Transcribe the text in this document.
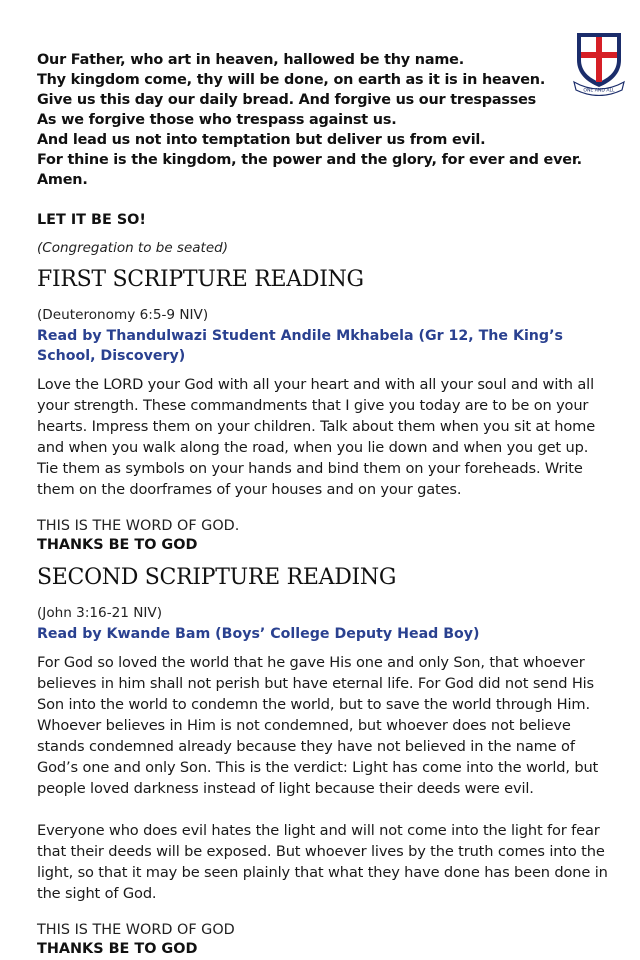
ONE AND ALL

Our Father, who art in heaven, hallowed be thy name.

Thy kingdom come, thy will be done, on earth as it is in heaven.

Give us this day our daily bread. And forgive us our trespasses

As we forgive those who trespass against us.

And lead us not into temptation but deliver us from evil.

For thine is the kingdom, the power and the glory, for ever and ever.

Amen.

LET IT BE SO!
(Congregation to be seated)
FIRST SCRIPTURE READING
(Deuteronomy 6:5-9 NIV)
Read by Thandulwazi Student Andile Mkhabela (Gr 12, The King’s School, Discovery)

Love the LORD your God with all your heart and with all your soul and with all your strength. These commandments that I give you today are to be on your hearts. Impress them on your children. Talk about them when you sit at home and when you walk along the road, when you lie down and when you get up. Tie them as symbols on your hands and bind them on your foreheads. Write them on the doorframes of your houses and on your gates.

THIS IS THE WORD OF GOD.
THANKS BE TO GOD
SECOND SCRIPTURE READING
(John 3:16-21 NIV)
Read by Kwande Bam (Boys’ College Deputy Head Boy)

For God so loved the world that he gave His one and only Son, that whoever believes in him shall not perish but have eternal life. For God did not send His Son into the world to condemn the world, but to save the world through Him. Whoever believes in Him is not condemned, but whoever does not believe stands condemned already because they have not believed in the name of God’s one and only Son. This is the verdict: Light has come into the world, but people loved darkness instead of light because their deeds were evil.

Everyone who does evil hates the light and will not come into the light for fear that their deeds will be exposed. But whoever lives by the truth comes into the light, so that it may be seen plainly that what they have done has been done in the sight of God.

THIS IS THE WORD OF GOD
THANKS BE TO GOD
